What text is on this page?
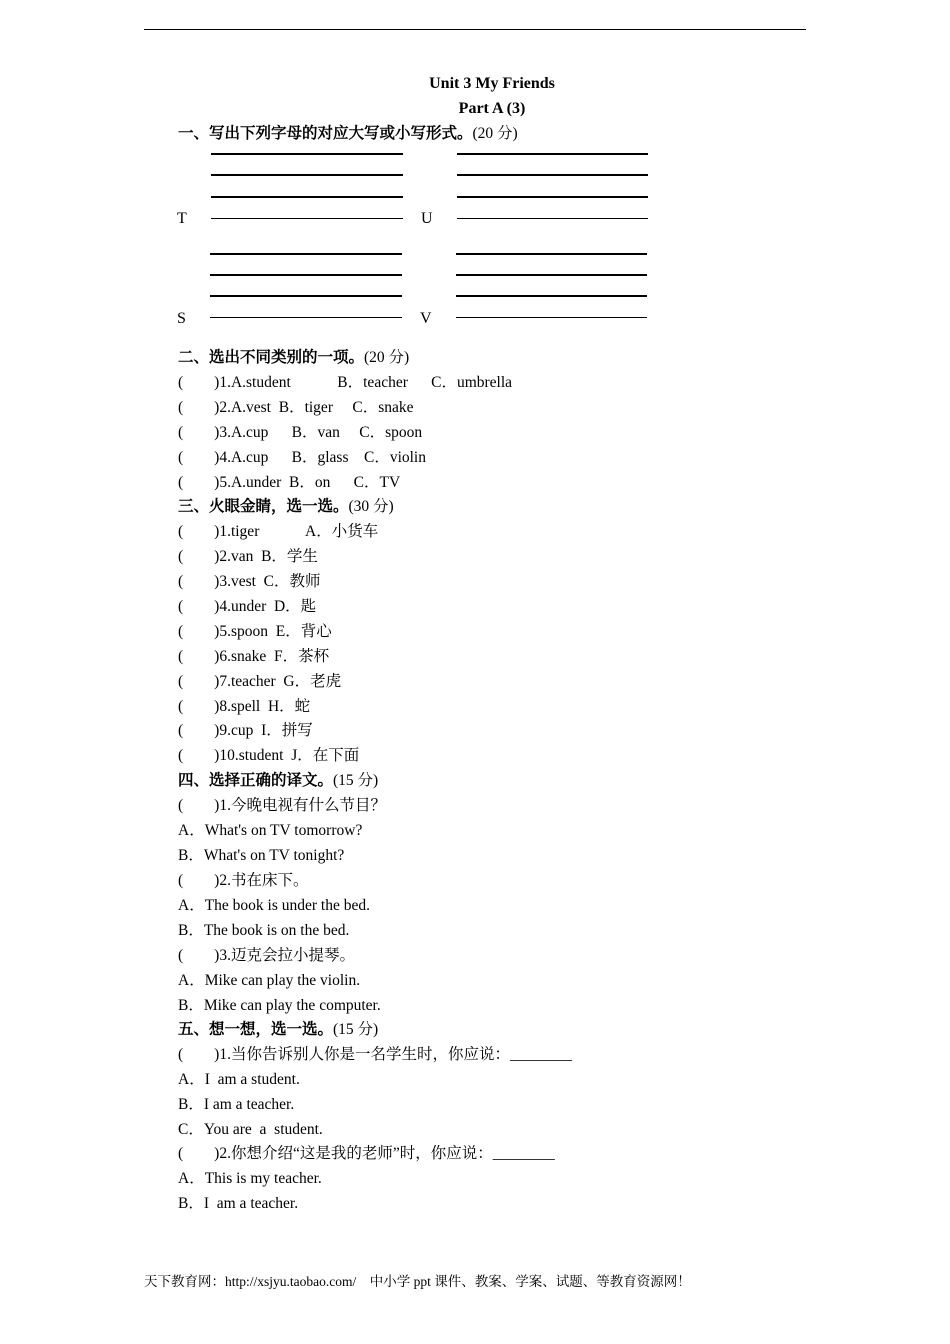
Unit 3 My Friends
Part A (3)
一、写出下列字母的对应大写或小写形式。(20 分)
T	U
S	V
二、选出不同类别的一项。(20 分)
(        )1.A.student            B．teacher      C．umbrella
(        )2.A.vest  B．tiger     C．snake
(        )3.A.cup      B．van     C．spoon
(        )4.A.cup      B．glass    C．violin
(        )5.A.under  B．on      C．TV
三、火眼金睛，选一选。(30 分)
(        )1.tiger            A．小货车
(        )2.van  B．学生
(        )3.vest  C．教师
(        )4.under  D．匙
(        )5.spoon  E．背心
(        )6.snake  F．茶杯
(        )7.teacher  G．老虎
(        )8.spell  H．蛇
(        )9.cup  I．拼写
(        )10.student  J．在下面
四、选择正确的译文。(15 分)
(        )1.今晚电视有什么节目？
A．What's on TV tomorrow?
B．What's on TV tonight?
(        )2.书在床下。
A．The book is under the bed.
B．The book is on the bed.
(        )3.迈克会拉小提琴。
A．Mike can play the violin.
B．Mike can play the computer.
五、想一想，选一选。(15 分)
(        )1.当你告诉别人你是一名学生时，你应说：________
A．I  am a student.
B．I am a teacher.
C．You are  a  student.
(        )2.你想介绍“这是我的老师”时，你应说：________
A．This is my teacher.
B．I  am a teacher.
天下教育网：http://xsjyu.taobao.com/    中小学 ppt 课件、教案、学案、试题、等教育资源网！
